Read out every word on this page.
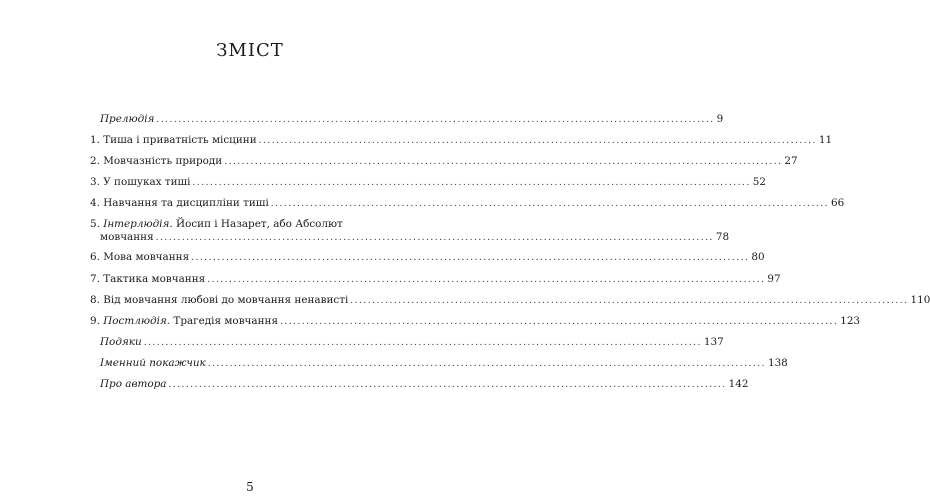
ЗМІСТ
Прелюдія ................................................................................................................................ 9
1. Тиша і приватність місцини ................................................................................................................................ 11
2. Мовчазність природи ................................................................................................................................ 27
3. У пошуках тиші ................................................................................................................................ 52
4. Навчання та дисципліни тиші ................................................................................................................................ 66
5. Інтерлюдія. Йосип і Назарет, або Абсолют
мовчання ................................................................................................................................ 78
6. Мова мовчання ................................................................................................................................ 80
7. Тактика мовчання ................................................................................................................................ 97
8. Від мовчання любові до мовчання ненависті ................................................................................................................................ 110
9. Постлюдія. Трагедія мовчання ................................................................................................................................ 123
Подяки ................................................................................................................................ 137
Іменний покажчик ................................................................................................................................ 138
Про автора ................................................................................................................................ 142
5
